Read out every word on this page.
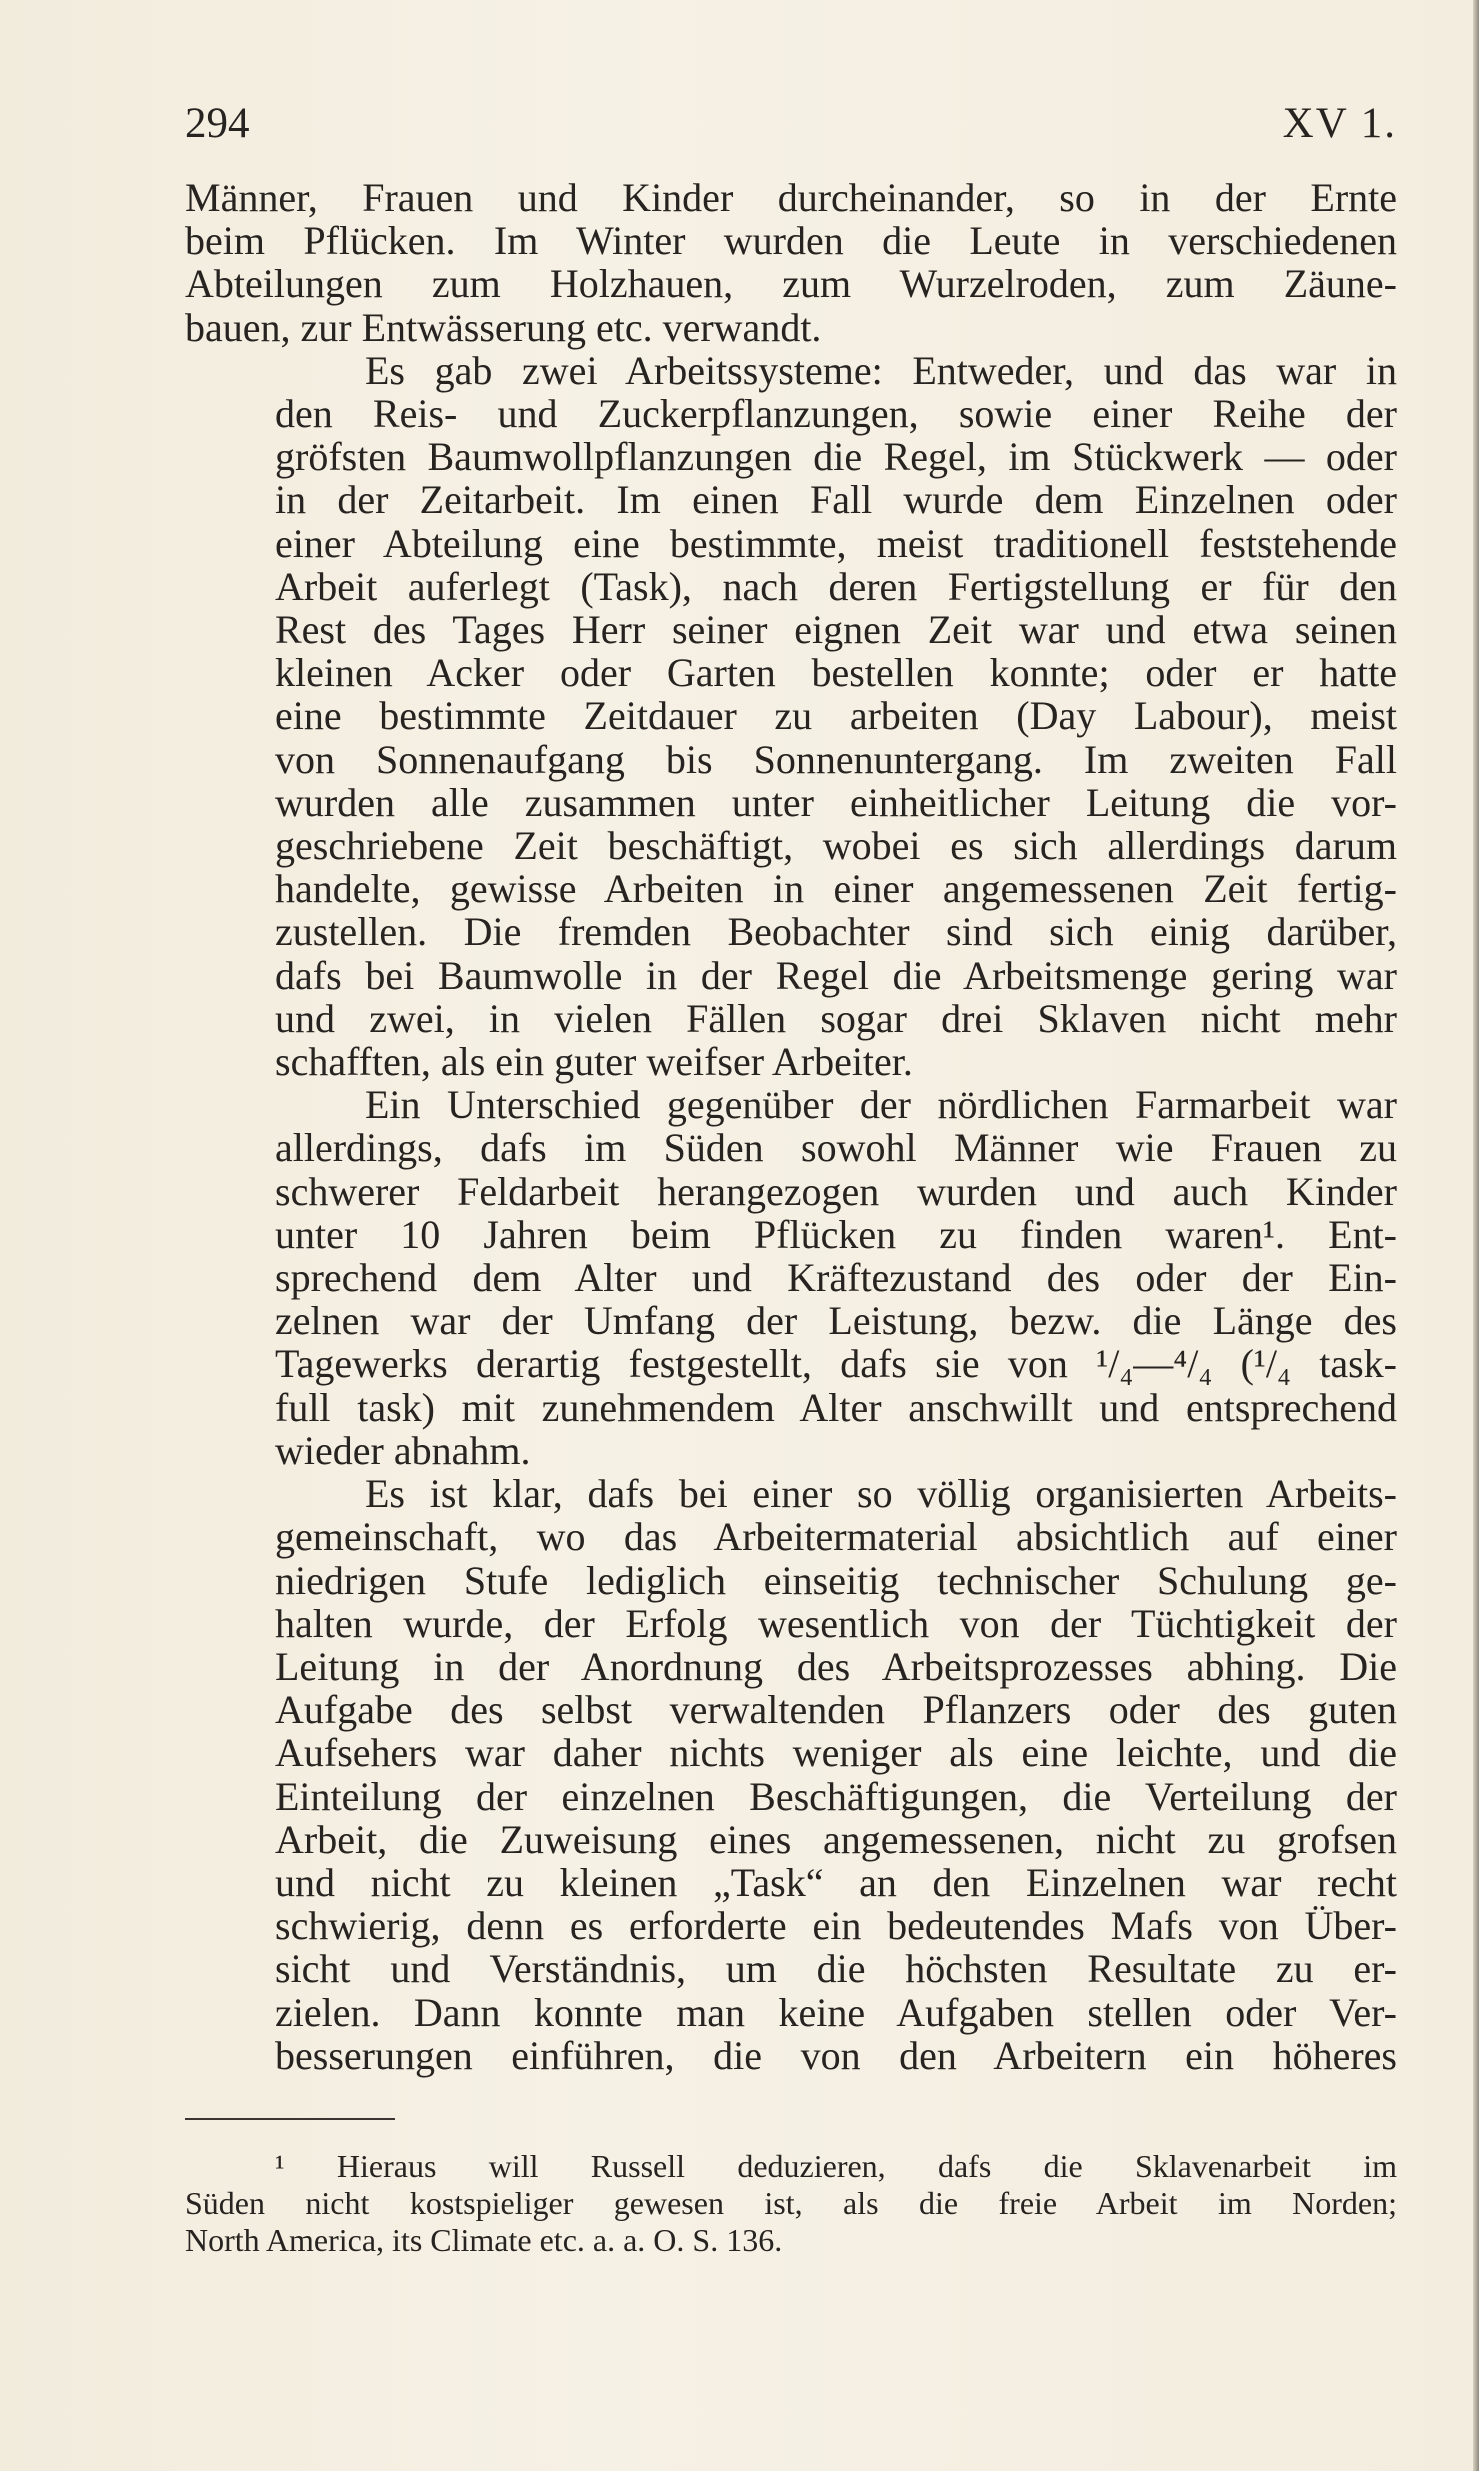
294	XV 1.

Männer, Frauen und Kinder durcheinander, so in der Ernte
beim Pflücken. Im Winter wurden die Leute in verschiedenen
Abteilungen zum Holzhauen, zum Wurzelroden, zum Zäune-
bauen, zur Entwässerung etc. verwandt.

Es gab zwei Arbeitssysteme: Entweder, und das war in
den Reis- und Zuckerpflanzungen, sowie einer Reihe der
gröfsten Baumwollpflanzungen die Regel, im Stückwerk — oder
in der Zeitarbeit. Im einen Fall wurde dem Einzelnen oder
einer Abteilung eine bestimmte, meist traditionell feststehende
Arbeit auferlegt (Task), nach deren Fertigstellung er für den
Rest des Tages Herr seiner eignen Zeit war und etwa seinen
kleinen Acker oder Garten bestellen konnte; oder er hatte
eine bestimmte Zeitdauer zu arbeiten (Day Labour), meist
von Sonnenaufgang bis Sonnenuntergang. Im zweiten Fall
wurden alle zusammen unter einheitlicher Leitung die vor-
geschriebene Zeit beschäftigt, wobei es sich allerdings darum
handelte, gewisse Arbeiten in einer angemessenen Zeit fertig-
zustellen. Die fremden Beobachter sind sich einig darüber,
dafs bei Baumwolle in der Regel die Arbeitsmenge gering war
und zwei, in vielen Fällen sogar drei Sklaven nicht mehr
schafften, als ein guter weifser Arbeiter.

Ein Unterschied gegenüber der nördlichen Farmarbeit war
allerdings, dafs im Süden sowohl Männer wie Frauen zu
schwerer Feldarbeit herangezogen wurden und auch Kinder
unter 10 Jahren beim Pflücken zu finden waren¹. Ent-
sprechend dem Alter und Kräftezustand des oder der Ein-
zelnen war der Umfang der Leistung, bezw. die Länge des
Tagewerks derartig festgestellt, dafs sie von ¹/₄—⁴/₄ (¹/₄ task-
full task) mit zunehmendem Alter anschwillt und entsprechend
wieder abnahm.

Es ist klar, dafs bei einer so völlig organisierten Arbeits-
gemeinschaft, wo das Arbeitermaterial absichtlich auf einer
niedrigen Stufe lediglich einseitig technischer Schulung ge-
halten wurde, der Erfolg wesentlich von der Tüchtigkeit der
Leitung in der Anordnung des Arbeitsprozesses abhing. Die
Aufgabe des selbst verwaltenden Pflanzers oder des guten
Aufsehers war daher nichts weniger als eine leichte, und die
Einteilung der einzelnen Beschäftigungen, die Verteilung der
Arbeit, die Zuweisung eines angemessenen, nicht zu grofsen
und nicht zu kleinen „Task“ an den Einzelnen war recht
schwierig, denn es erforderte ein bedeutendes Mafs von Über-
sicht und Verständnis, um die höchsten Resultate zu er-
zielen. Dann konnte man keine Aufgaben stellen oder Ver-
besserungen einführen, die von den Arbeitern ein höheres

¹ Hieraus will Russell deduzieren, dafs die Sklavenarbeit im
Süden nicht kostspieliger gewesen ist, als die freie Arbeit im Norden;
North America, its Climate etc. a. a. O. S. 136.
